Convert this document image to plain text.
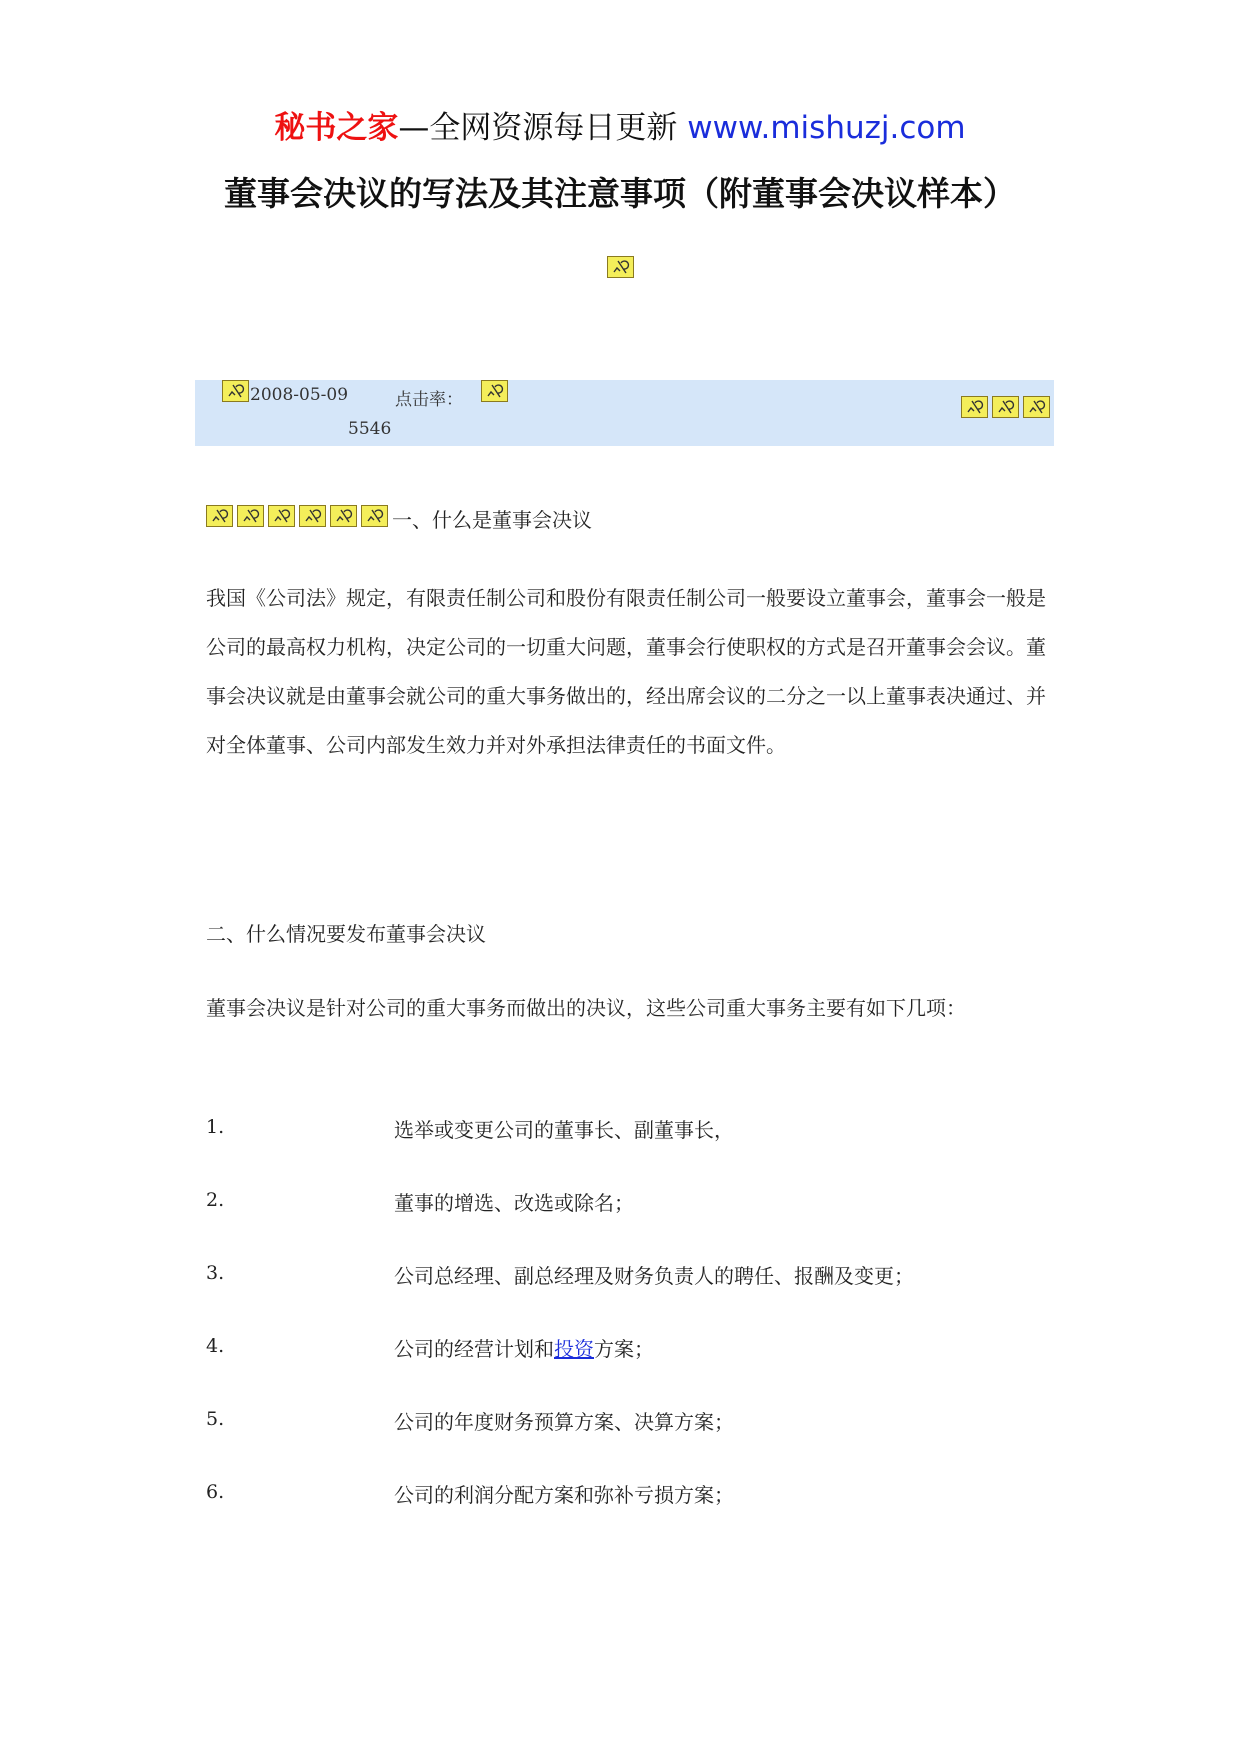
秘书之家—全网资源每日更新 www.mishuzj.com
董事会决议的写法及其注意事项（附董事会决议样本）
2008-05-09	点击率：
5546
一、什么是董事会决议

我国《公司法》规定，有限责任制公司和股份有限责任制公司一般要设立董事会，董事会一般是公司的最高权力机构，决定公司的一切重大问题，董事会行使职权的方式是召开董事会会议。董事会决议就是由董事会就公司的重大事务做出的，经出席会议的二分之一以上董事表决通过、并对全体董事、公司内部发生效力并对外承担法律责任的书面文件。

二、什么情况要发布董事会决议
董事会决议是针对公司的重大事务而做出的决议，这些公司重大事务主要有如下几项：
1.	选举或变更公司的董事长、副董事长，
2.	董事的增选、改选或除名；
3.	公司总经理、副总经理及财务负责人的聘任、报酬及变更；
4.	公司的经营计划和投资方案；
5.	公司的年度财务预算方案、决算方案；
6.	公司的利润分配方案和弥补亏损方案；
